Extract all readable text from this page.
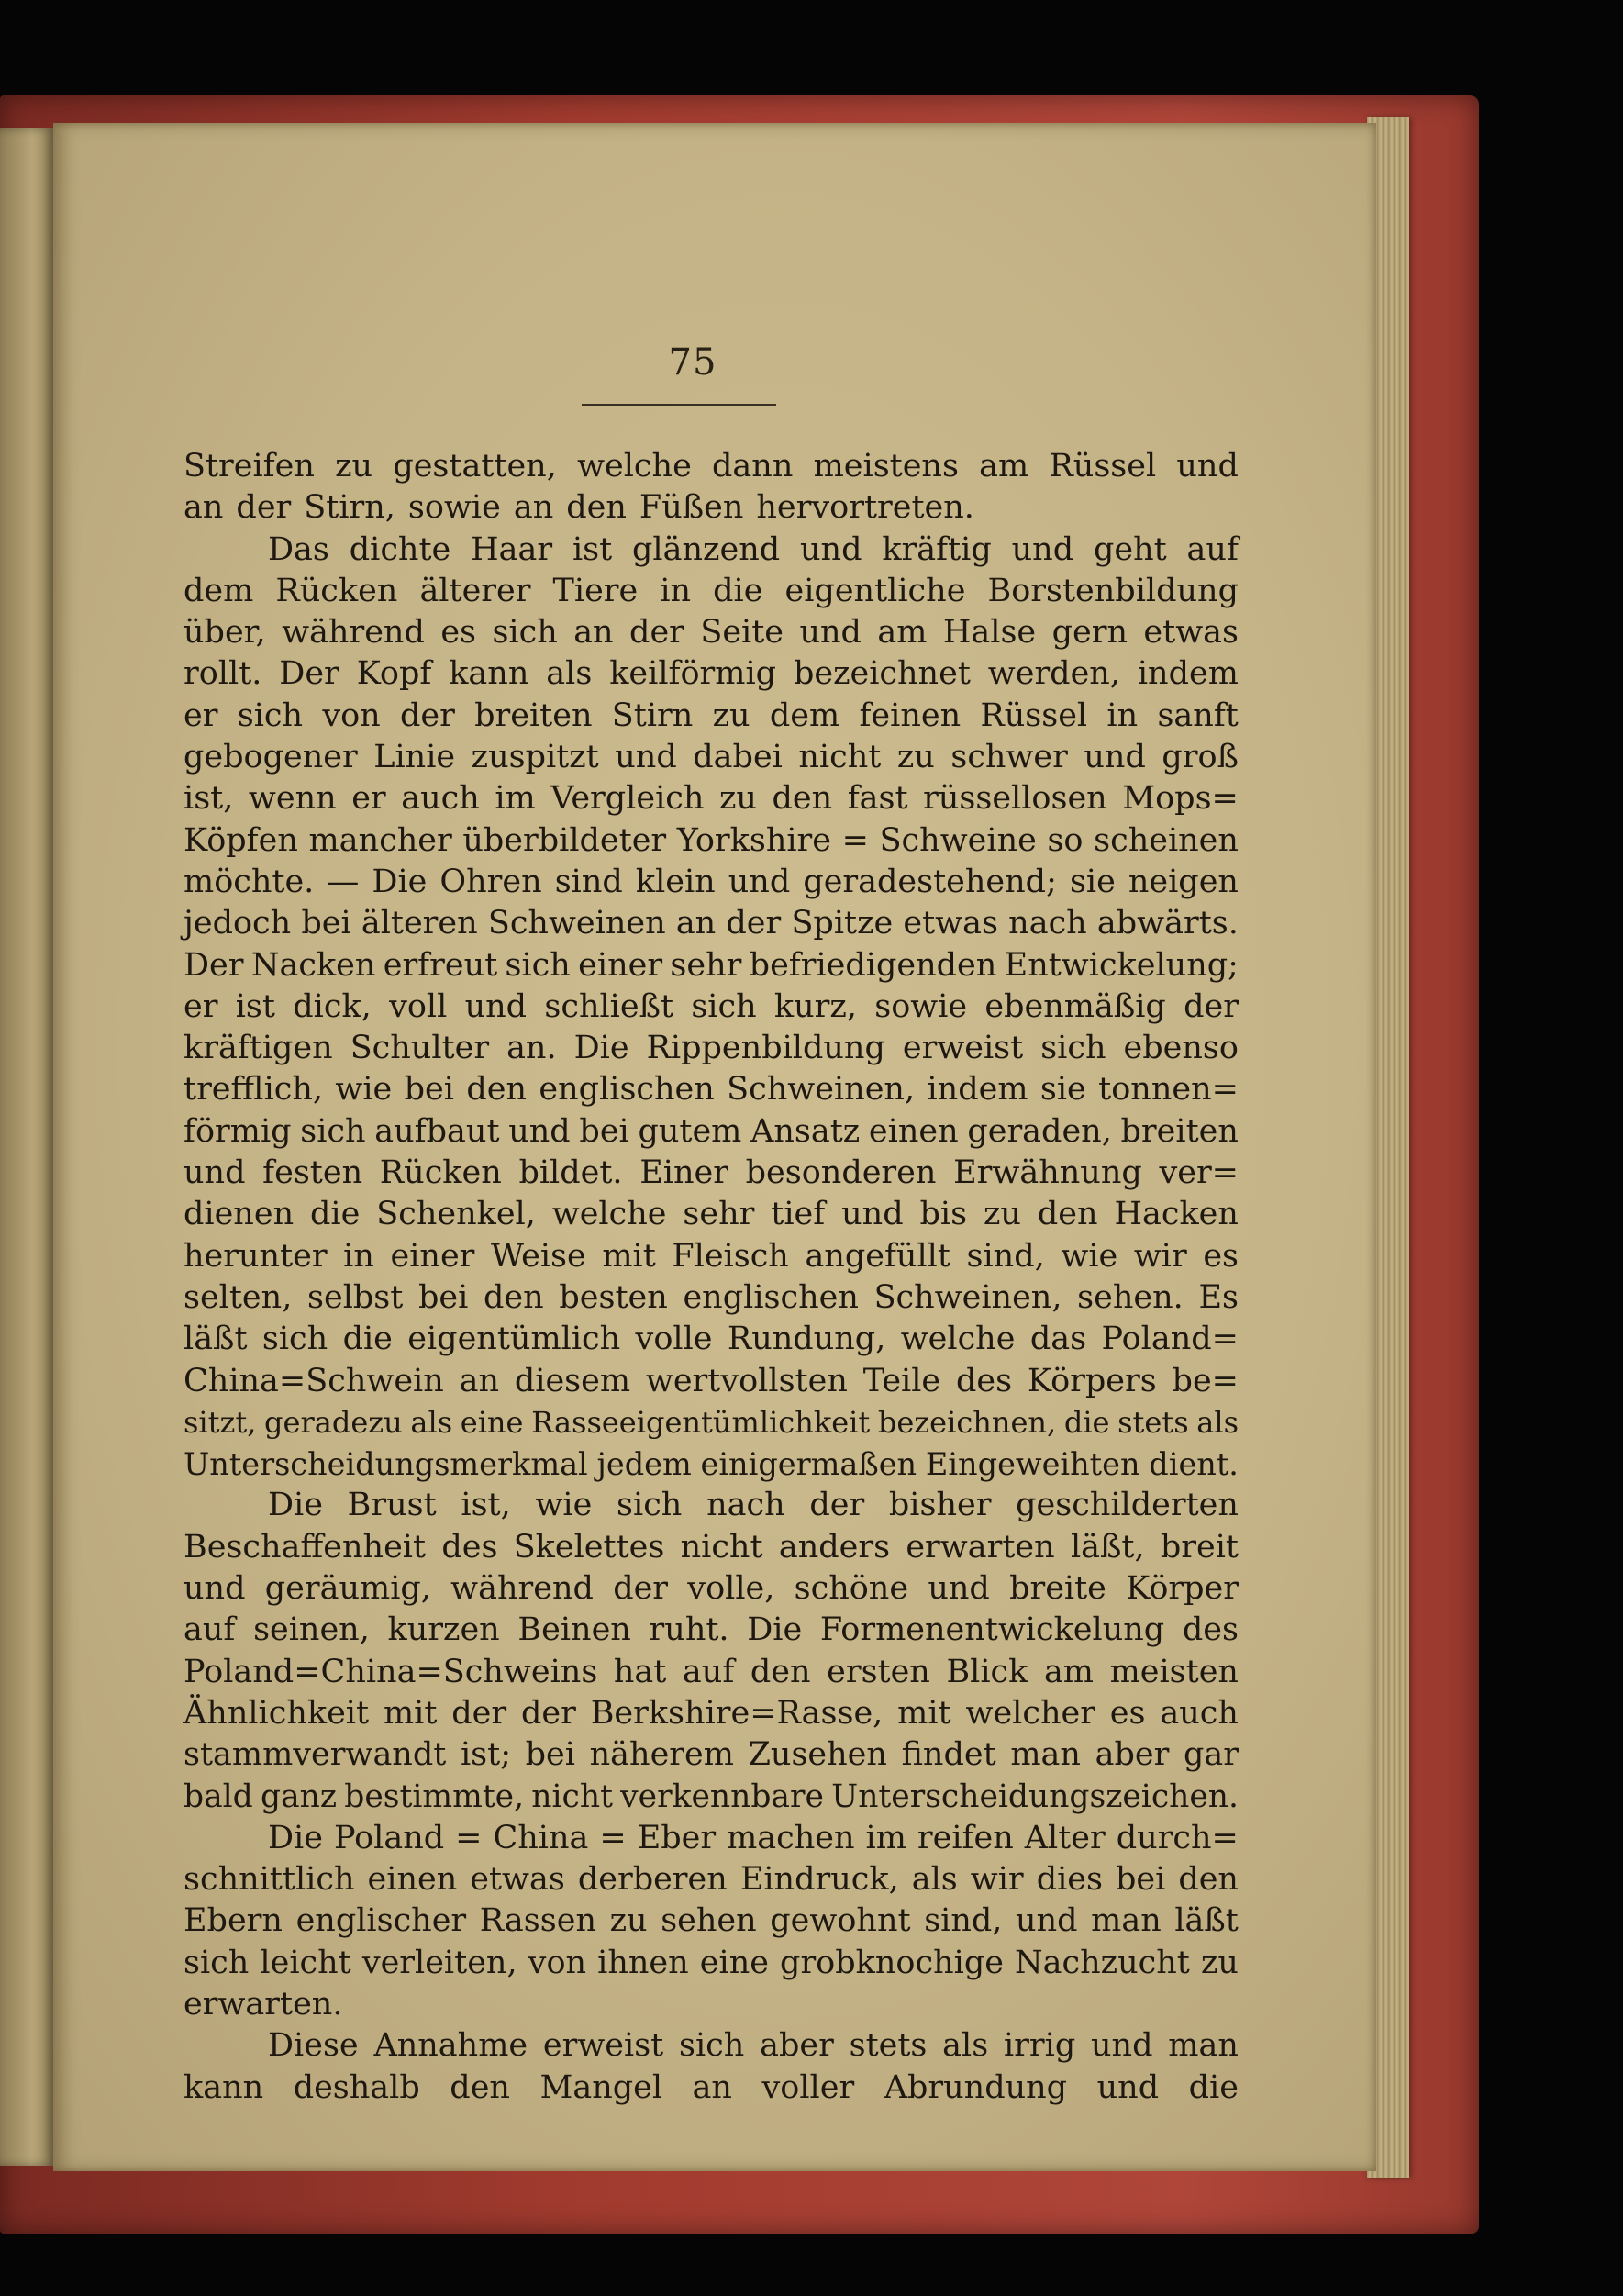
75
Streifen zu gestatten, welche dann meistens am Rüssel und
an der Stirn, sowie an den Füßen hervortreten.
Das dichte Haar ist glänzend und kräftig und geht auf
dem Rücken älterer Tiere in die eigentliche Borstenbildung
über, während es sich an der Seite und am Halse gern etwas
rollt. Der Kopf kann als keilförmig bezeichnet werden, indem
er sich von der breiten Stirn zu dem feinen Rüssel in sanft
gebogener Linie zuspitzt und dabei nicht zu schwer und groß
ist, wenn er auch im Vergleich zu den fast rüssellosen Mops=
Köpfen mancher überbildeter Yorkshire = Schweine so scheinen
möchte. — Die Ohren sind klein und geradestehend; sie neigen
jedoch bei älteren Schweinen an der Spitze etwas nach abwärts.
Der Nacken erfreut sich einer sehr befriedigenden Entwickelung;
er ist dick, voll und schließt sich kurz, sowie ebenmäßig der
kräftigen Schulter an. Die Rippenbildung erweist sich ebenso
trefflich, wie bei den englischen Schweinen, indem sie tonnen=
förmig sich aufbaut und bei gutem Ansatz einen geraden, breiten
und festen Rücken bildet. Einer besonderen Erwähnung ver=
dienen die Schenkel, welche sehr tief und bis zu den Hacken
herunter in einer Weise mit Fleisch angefüllt sind, wie wir es
selten, selbst bei den besten englischen Schweinen, sehen. Es
läßt sich die eigentümlich volle Rundung, welche das Poland=
China=Schwein an diesem wertvollsten Teile des Körpers be=
sitzt, geradezu als eine Rasseeigentümlichkeit bezeichnen, die stets als
Unterscheidungsmerkmal jedem einigermaßen Eingeweihten dient.
Die Brust ist, wie sich nach der bisher geschilderten
Beschaffenheit des Skelettes nicht anders erwarten läßt, breit
und geräumig, während der volle, schöne und breite Körper
auf seinen, kurzen Beinen ruht. Die Formenentwickelung des
Poland=China=Schweins hat auf den ersten Blick am meisten
Ähnlichkeit mit der der Berkshire=Rasse, mit welcher es auch
stammverwandt ist; bei näherem Zusehen findet man aber gar
bald ganz bestimmte, nicht verkennbare Unterscheidungszeichen.
Die Poland = China = Eber machen im reifen Alter durch=
schnittlich einen etwas derberen Eindruck, als wir dies bei den
Ebern englischer Rassen zu sehen gewohnt sind, und man läßt
sich leicht verleiten, von ihnen eine grobknochige Nachzucht zu
erwarten.
Diese Annahme erweist sich aber stets als irrig und man
kann deshalb den Mangel an voller Abrundung und die
